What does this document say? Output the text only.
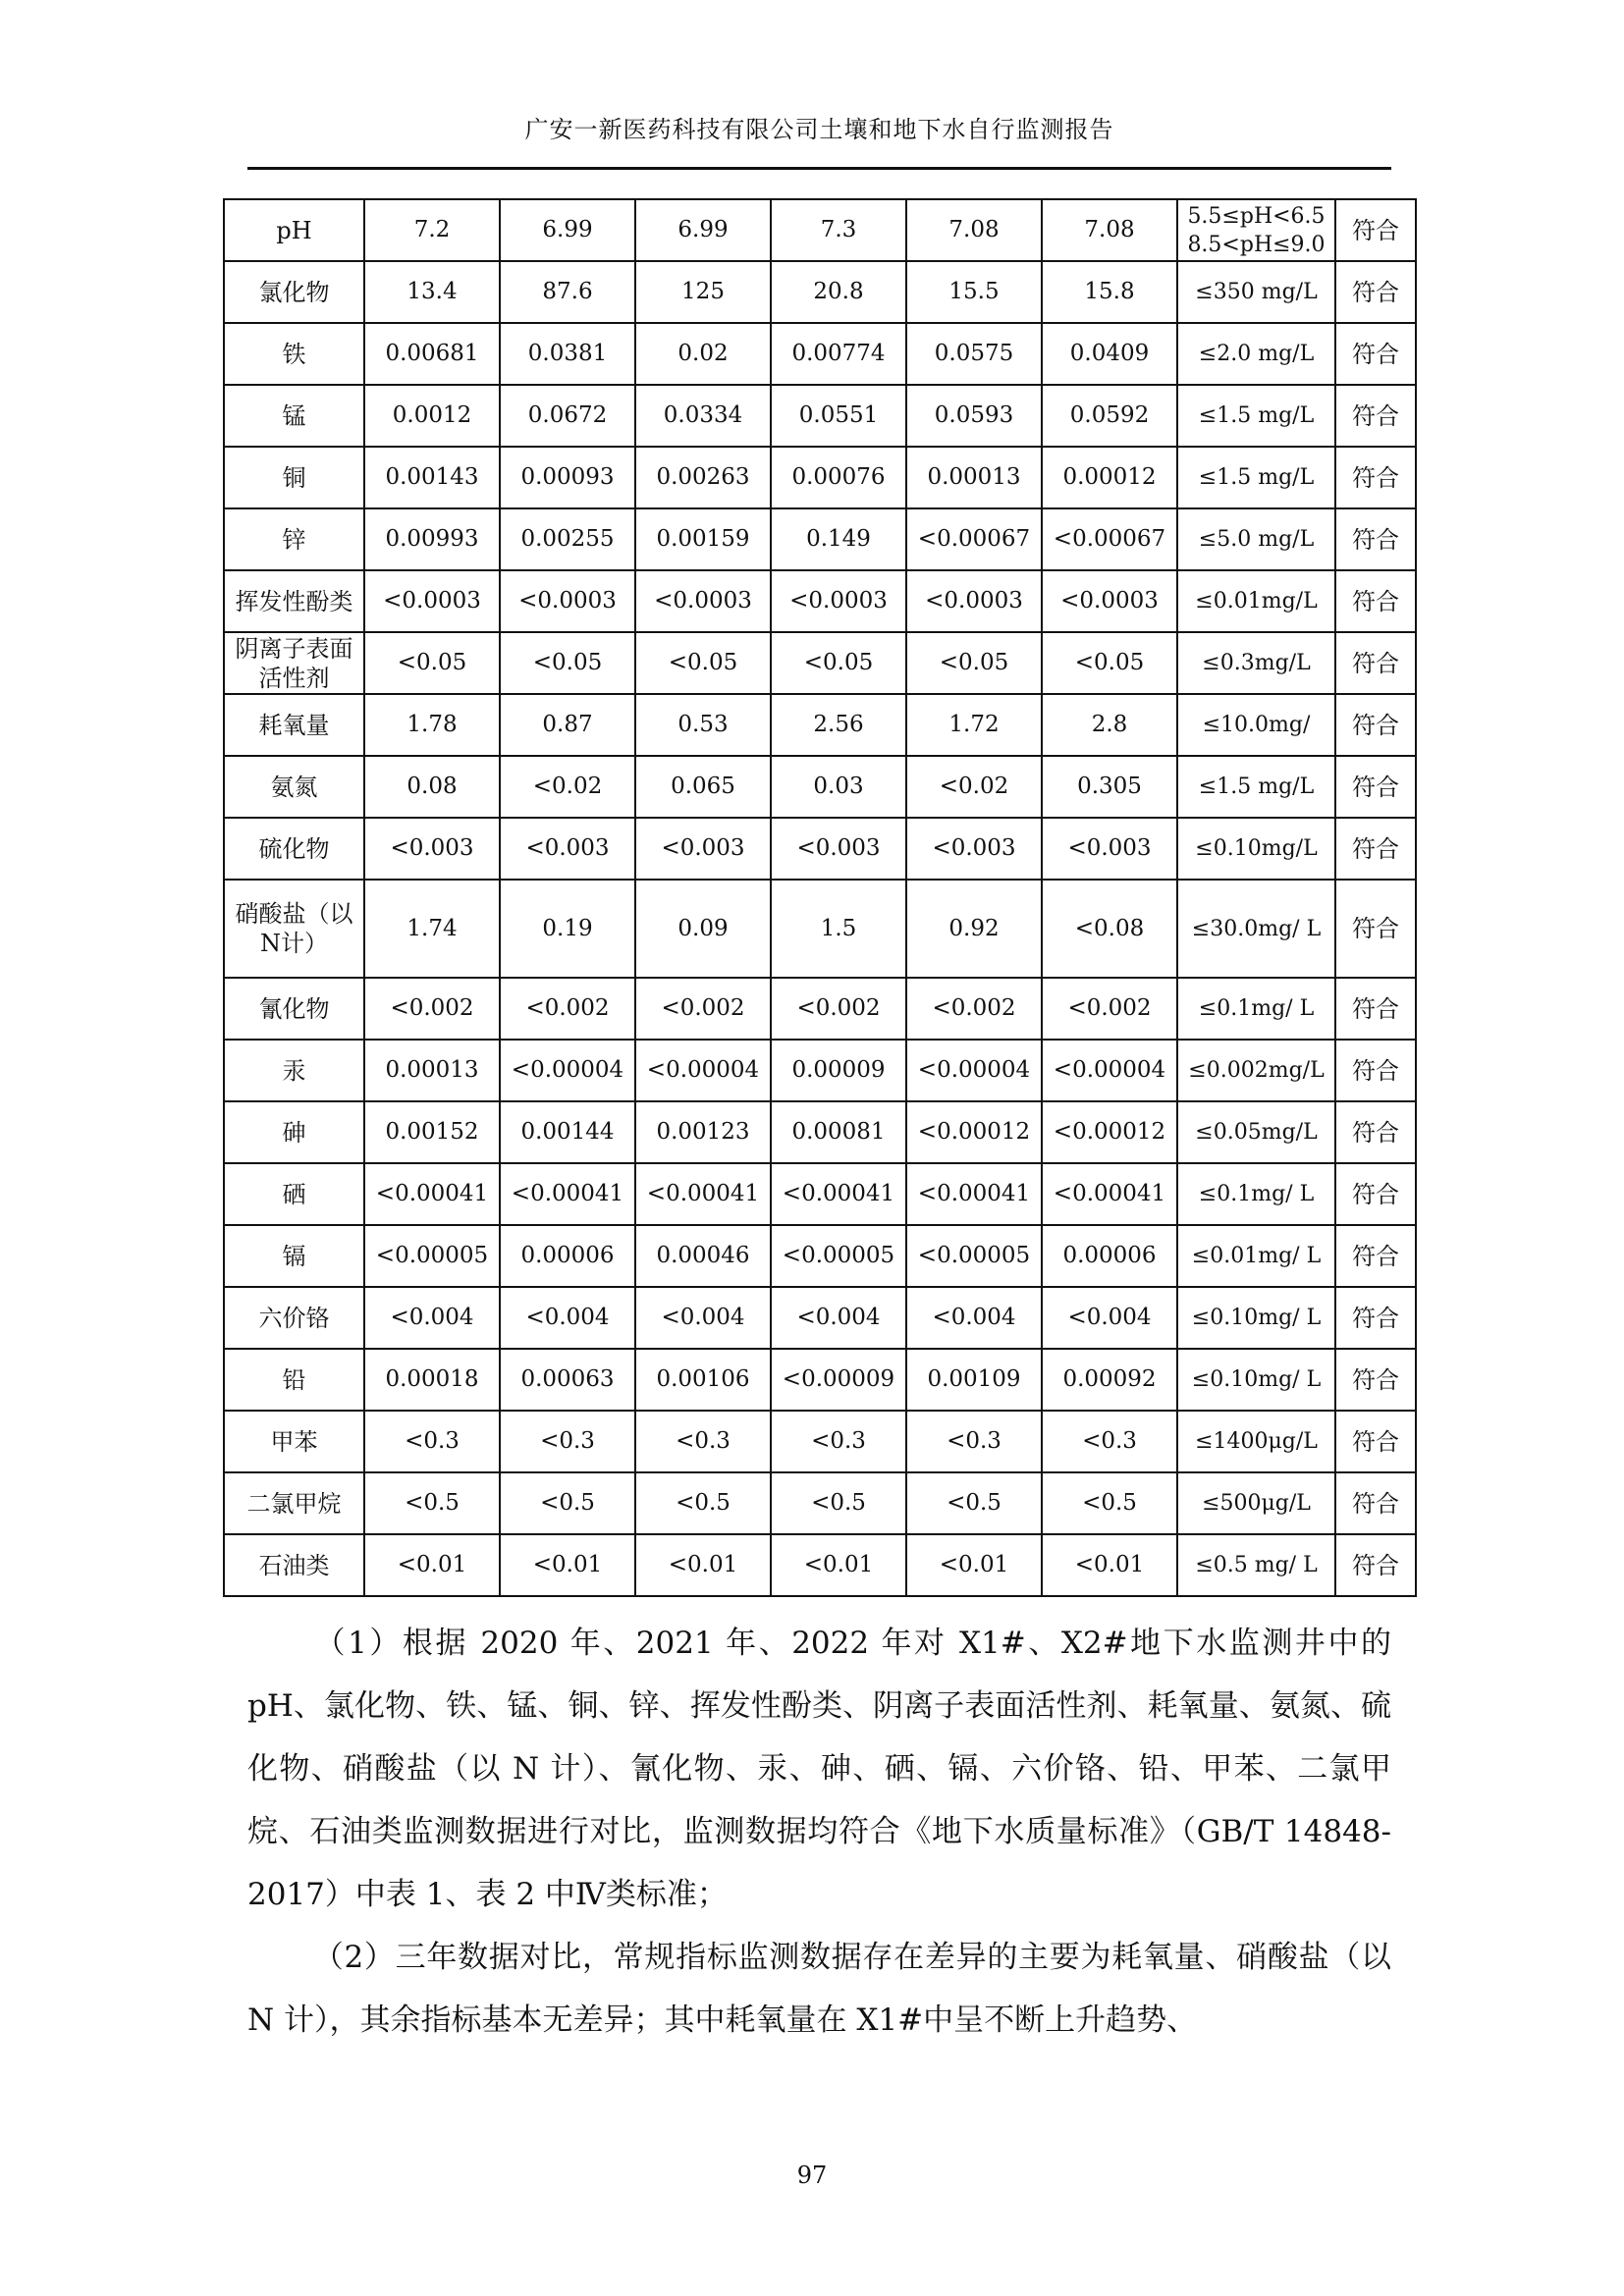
广安一新医药科技有限公司土壤和地下水自行监测报告
pH	7.2	6.99	6.99	7.3	7.08	7.08	5.5≤pH<6.5
8.5<pH≤9.0	符合
氯化物	13.4	87.6	125	20.8	15.5	15.8	≤350 mg/L	符合
铁	0.00681	0.0381	0.02	0.00774	0.0575	0.0409	≤2.0 mg/L	符合
锰	0.0012	0.0672	0.0334	0.0551	0.0593	0.0592	≤1.5 mg/L	符合
铜	0.00143	0.00093	0.00263	0.00076	0.00013	0.00012	≤1.5 mg/L	符合
锌	0.00993	0.00255	0.00159	0.149	<0.00067	<0.00067	≤5.0 mg/L	符合
挥发性酚类	<0.0003	<0.0003	<0.0003	<0.0003	<0.0003	<0.0003	≤0.01mg/L	符合
阴离子表面活性剂	<0.05	<0.05	<0.05	<0.05	<0.05	<0.05	≤0.3mg/L	符合
耗氧量	1.78	0.87	0.53	2.56	1.72	2.8	≤10.0mg/	符合
氨氮	0.08	<0.02	0.065	0.03	<0.02	0.305	≤1.5 mg/L	符合
硫化物	<0.003	<0.003	<0.003	<0.003	<0.003	<0.003	≤0.10mg/L	符合
硝酸盐（以N计）	1.74	0.19	0.09	1.5	0.92	<0.08	≤30.0mg/ L	符合
氰化物	<0.002	<0.002	<0.002	<0.002	<0.002	<0.002	≤0.1mg/ L	符合
汞	0.00013	<0.00004	<0.00004	0.00009	<0.00004	<0.00004	≤0.002mg/L	符合
砷	0.00152	0.00144	0.00123	0.00081	<0.00012	<0.00012	≤0.05mg/L	符合
硒	<0.00041	<0.00041	<0.00041	<0.00041	<0.00041	<0.00041	≤0.1mg/ L	符合
镉	<0.00005	0.00006	0.00046	<0.00005	<0.00005	0.00006	≤0.01mg/ L	符合
六价铬	<0.004	<0.004	<0.004	<0.004	<0.004	<0.004	≤0.10mg/ L	符合
铅	0.00018	0.00063	0.00106	<0.00009	0.00109	0.00092	≤0.10mg/ L	符合
甲苯	<0.3	<0.3	<0.3	<0.3	<0.3	<0.3	≤1400μg/L	符合
二氯甲烷	<0.5	<0.5	<0.5	<0.5	<0.5	<0.5	≤500μg/L	符合
石油类	<0.01	<0.01	<0.01	<0.01	<0.01	<0.01	≤0.5 mg/ L	符合

（1）根据 2020 年、2021 年、2022 年对 X1#、X2#地下水监测井中的 pH、氯化物、铁、锰、铜、锌、挥发性酚类、阴离子表面活性剂、耗氧量、氨氮、硫化物、硝酸盐（以 N 计）、氰化物、汞、砷、硒、镉、六价铬、铅、甲苯、二氯甲烷、石油类监测数据进行对比，监测数据均符合《地下水质量标准》（GB/T 14848-2017）中表 1、表 2 中Ⅳ类标准；

（2）三年数据对比，常规指标监测数据存在差异的主要为耗氧量、硝酸盐（以 N 计），其余指标基本无差异；其中耗氧量在 X1#中呈不断上升趋势、

97
